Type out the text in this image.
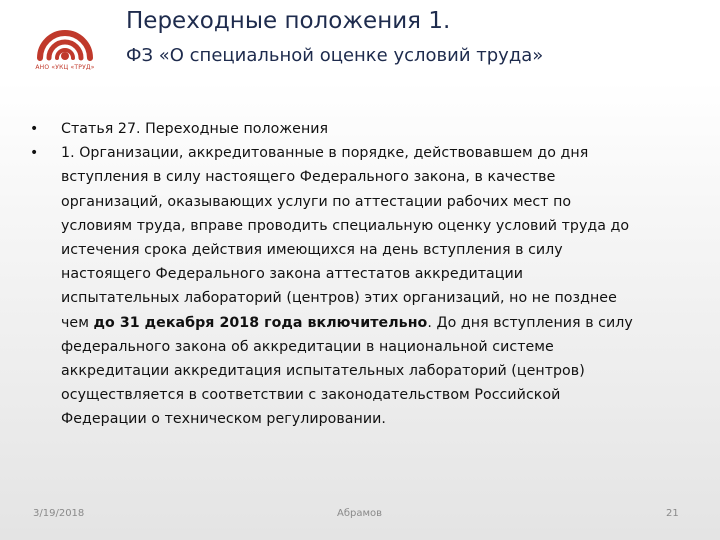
АНО «УКЦ «ТРУД»
Переходные положения 1.
ФЗ «О специальной оценке условий труда»
• Статья 27. Переходные положения
• 1. Организации, аккредитованные в порядке, действовавшем до дня
вступления в силу настоящего Федерального закона, в качестве
организаций, оказывающих услуги по аттестации рабочих мест по
условиям труда, вправе проводить специальную оценку условий труда до
истечения срока действия имеющихся на день вступления в силу
настоящего Федерального закона аттестатов аккредитации
испытательных лабораторий (центров) этих организаций, но не позднее
чем до 31 декабря 2018 года включительно. До дня вступления в силу
федерального закона об аккредитации в национальной системе
аккредитации аккредитация испытательных лабораторий (центров)
осуществляется в соответствии с законодательством Российской
Федерации о техническом регулировании.
3/19/2018	Абрамов	21
